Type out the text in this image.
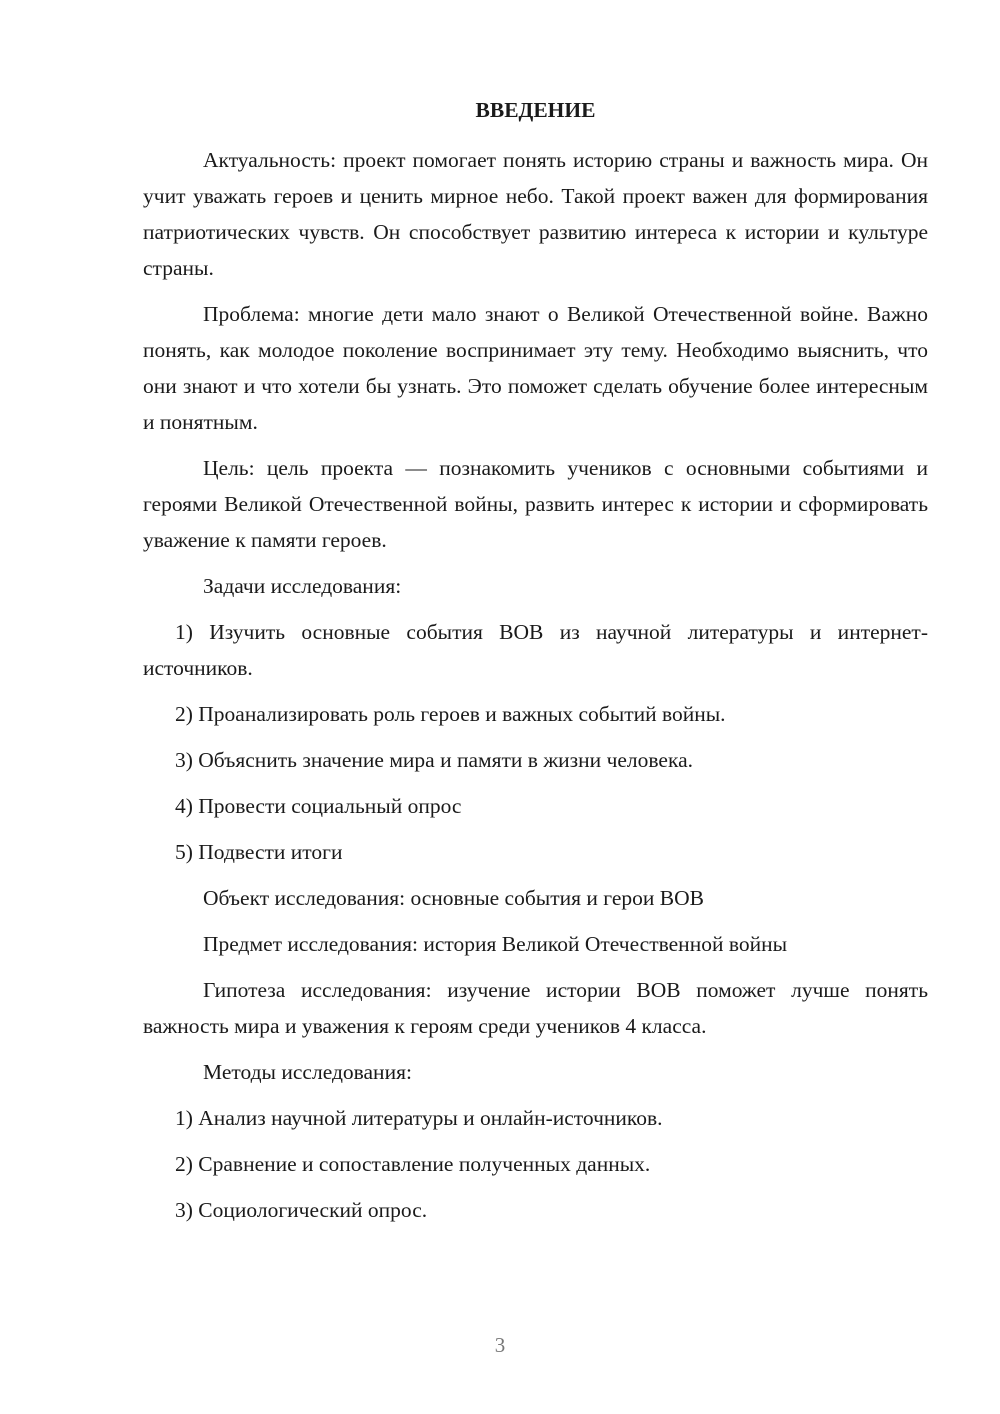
ВВЕДЕНИЕ
Актуальность: проект помогает понять историю страны и важность мира. Он учит уважать героев и ценить мирное небо. Такой проект важен для формирования патриотических чувств. Он способствует развитию интереса к истории и культуре страны.
Проблема: многие дети мало знают о Великой Отечественной войне. Важно понять, как молодое поколение воспринимает эту тему. Необходимо выяснить, что они знают и что хотели бы узнать. Это поможет сделать обучение более интересным и понятным.
Цель: цель проекта — познакомить учеников с основными событиями и героями Великой Отечественной войны, развить интерес к истории и сформировать уважение к памяти героев.
Задачи исследования:
1) Изучить основные события ВОВ из научной литературы и интернет-источников.
2) Проанализировать роль героев и важных событий войны.
3) Объяснить значение мира и памяти в жизни человека.
4) Провести социальный опрос
5) Подвести итоги
Объект исследования: основные события и герои ВОВ
Предмет исследования: история Великой Отечественной войны
Гипотеза исследования: изучение истории ВОВ поможет лучше понять важность мира и уважения к героям среди учеников 4 класса.
Методы исследования:
1) Анализ научной литературы и онлайн-источников.
2) Сравнение и сопоставление полученных данных.
3) Социологический опрос.
3
